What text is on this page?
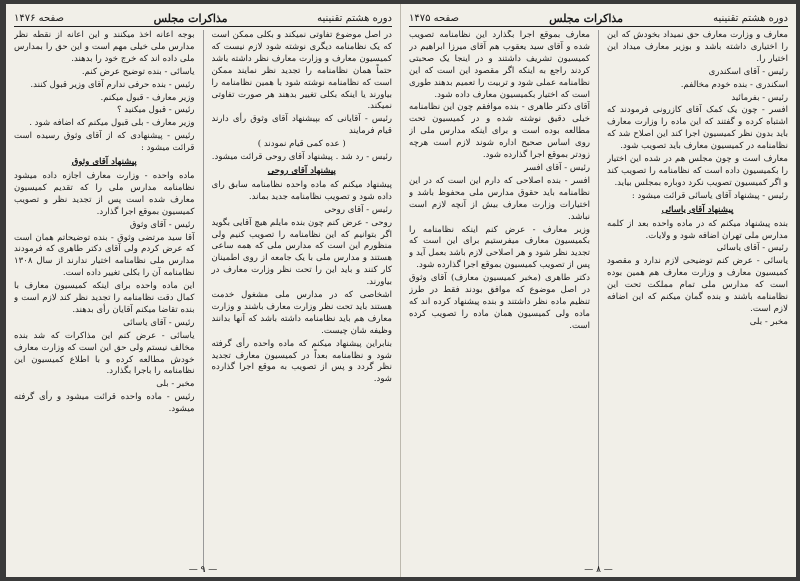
دوره هشتم تقنینیه
مذاکرات مجلس
صفحه ۱۴۷۶

در اصل موضوع تفاوتی نمیکند و بکلی ممکن است که یک نظامنامه دیگری نوشته شود لازم نیست که کمیسیون معارف و وزارت معارف نظر داشته باشد حتماً همان نظامنامه را تجدید نظر نمایند ممکن است که نظامنامه نوشته شود با همین نظامنامه را بیاورند یا اینکه بکلی تغییر بدهند هر صورت تفاوتی نمیکند.

رئیس - آقایانی که بپیشنهاد آقای وثوق رأی دارند قیام فرمایند

( عده کمی قیام نمودند )

رئیس - رد شد . پیشنهاد آقای روحی قرائت میشود.

پیشنهاد آقای روحی

پیشنهاد میکنم که ماده واحده نظامنامه سابق رای داده شود و تصویب نظامنامه جدید بماند.

رئیس - آقای روحی

روحی - عرض کنم چون بنده مایلم هیچ آقایی بگوید اگر بتوانیم که این نظامنامه را تصویب کنیم ولی منظورم این است که مدارس ملی که همه ساعی هستند و مدارس ملی با یک جامعه از روی اطمینان کار کنند و باید این را تحت نظر وزارت معارف در بیاورند.

اشخاصی که در مدارس ملی مشغول خدمت هستند باید تحت نظر وزارت معارف باشند و وزارت معارف هم باید نظامنامه داشته باشد که آنها بدانند وظیفه شان چیست.

بنابراین پیشنهاد میکنم که ماده واحده رأی گرفته شود و نظامنامه بعداً در کمیسیون معارف تجدید نظر گردد و پس از تصویب به موقع اجرا گذارده شود.

بوجه اعانه اخذ میکنند و این اعانه از نقطه نظر مدارس ملی خیلی مهم است و این حق را بمدارس ملی داده اند که خرج خود را بدهند.

یاسائی - بنده توضیح عرض کنم.

رئیس - بنده حرفی ندارم آقای وزیر قبول کنند.

وزیر معارف - قبول میکنم.

رئیس - قبول میکنید ؟

وزیر معارف - بلی قبول میکنم که اضافه شود .

رئیس - پیشنهادی که از آقای وثوق رسیده است قرائت میشود :

پیشنهاد آقای وثوق

ماده واحده - وزارت معارف اجازه داده میشود نظامنامه مدارس ملی را که تقدیم کمیسیون معارف شده است پس از تجدید نظر و تصویب کمیسیون بموقع اجرا گذارد.

رئیس - آقای وثوق

آقا سید مرتضی وثوق - بنده توضیحاتم همان است که عرض کردم ولی آقای دکتر طاهری که فرمودند مدارس ملی نظامنامه اختیار ندارند از سال ۱۳۰۸ نظامنامه آن را بکلی تغییر داده است.

این ماده واحده برای اینکه کمیسیون معارف با کمال دقت نظامنامه را تجدید نظر کند لازم است و بنده تقاضا میکنم آقایان رأی بدهند.

رئیس - آقای یاسائی

یاسائی - عرض کنم این مذاکرات که شد بنده مخالف نیستم ولی حق این است که وزارت معارف خودش مطالعه کرده و با اطلاع کمیسیون این نظامنامه را باجرا بگذارد.

مخبر - بلی

رئیس - ماده واحده قرائت میشود و رأی گرفته میشود.

— ۹ —
دوره هشتم تقنینیه
مذاکرات مجلس
صفحه ۱۴۷۵

معارف و وزارت معارف حق نمیداد بخودش که این را اختیاری داشته باشد و بوزیر معارف میداد این اختیار را.

رئیس - آقای اسکندری

اسکندری - بنده خودم مخالفم.

رئیس - بفرمائید

افسر - چون یک کمک آقای کازرونی فرمودند که اشتباه کرده و گفتند که این ماده را وزارت معارف باید بدون نظر کمیسیون اجرا کند این اصلاح شد که نظامنامه در کمیسیون معارف باید تصویب شود.

معارف است و چون مجلس هم در شده این اختیار را بکمیسیون داده است که نظامنامه را تصویب کند و اگر کمیسیون تصویب نکرد دوباره بمجلس بیاید.

رئیس - پیشنهاد آقای یاسائی قرائت میشود :

پیشنهاد آقای یاسائی

بنده پیشنهاد میکنم که در ماده واحده بعد از کلمه مدارس ملی تهران اضافه شود و ولایات.

رئیس - آقای یاسائی

یاسائی - عرض کنم توضیحی لازم ندارد و مقصود کمیسیون معارف و وزارت معارف هم همین بوده است که مدارس ملی تمام مملکت تحت این نظامنامه باشند و بنده گمان میکنم که این اضافه لازم است.

مخبر - بلی

معارف بموقع اجرا بگذارد این نظامنامه تصویب شده و آقای سید یعقوب هم آقای میرزا ابراهیم در کمیسیون تشریف داشتند و در اینجا یک صحبتی کردند راجع به اینکه اگر مقصود این است که این نظامنامه عملی شود و تربیت را تعمیم بدهند طوری است که اختیار بکمیسیون معارف داده شود.

آقای دکتر طاهری - بنده موافقم چون این نظامنامه خیلی دقیق نوشته شده و در کمیسیون تحت مطالعه بوده است و برای اینکه مدارس ملی از روی اساس صحیح اداره شوند لازم است هرچه زودتر بموقع اجرا گذارده شود.

رئیس - آقای افسر

افسر - بنده اصلاحی که دارم این است که در این نظامنامه باید حقوق مدارس ملی محفوظ باشد و اختیارات وزارت معارف بیش از آنچه لازم است نباشد.

وزیر معارف - عرض کنم اینکه نظامنامه را بکمیسیون معارف میفرستیم برای این است که تجدید نظر شود و هر اصلاحی لازم باشد بعمل آید و پس از تصویب کمیسیون بموقع اجرا گذارده شود.

دکتر طاهری (مخبر کمیسیون معارف) آقای وثوق در اصل موضوع که موافق بودند فقط در طرز تنظیم ماده نظر داشتند و بنده پیشنهاد کرده اند که ماده ولی کمیسیون همان ماده را تصویب کرده است.

— ۸ —
